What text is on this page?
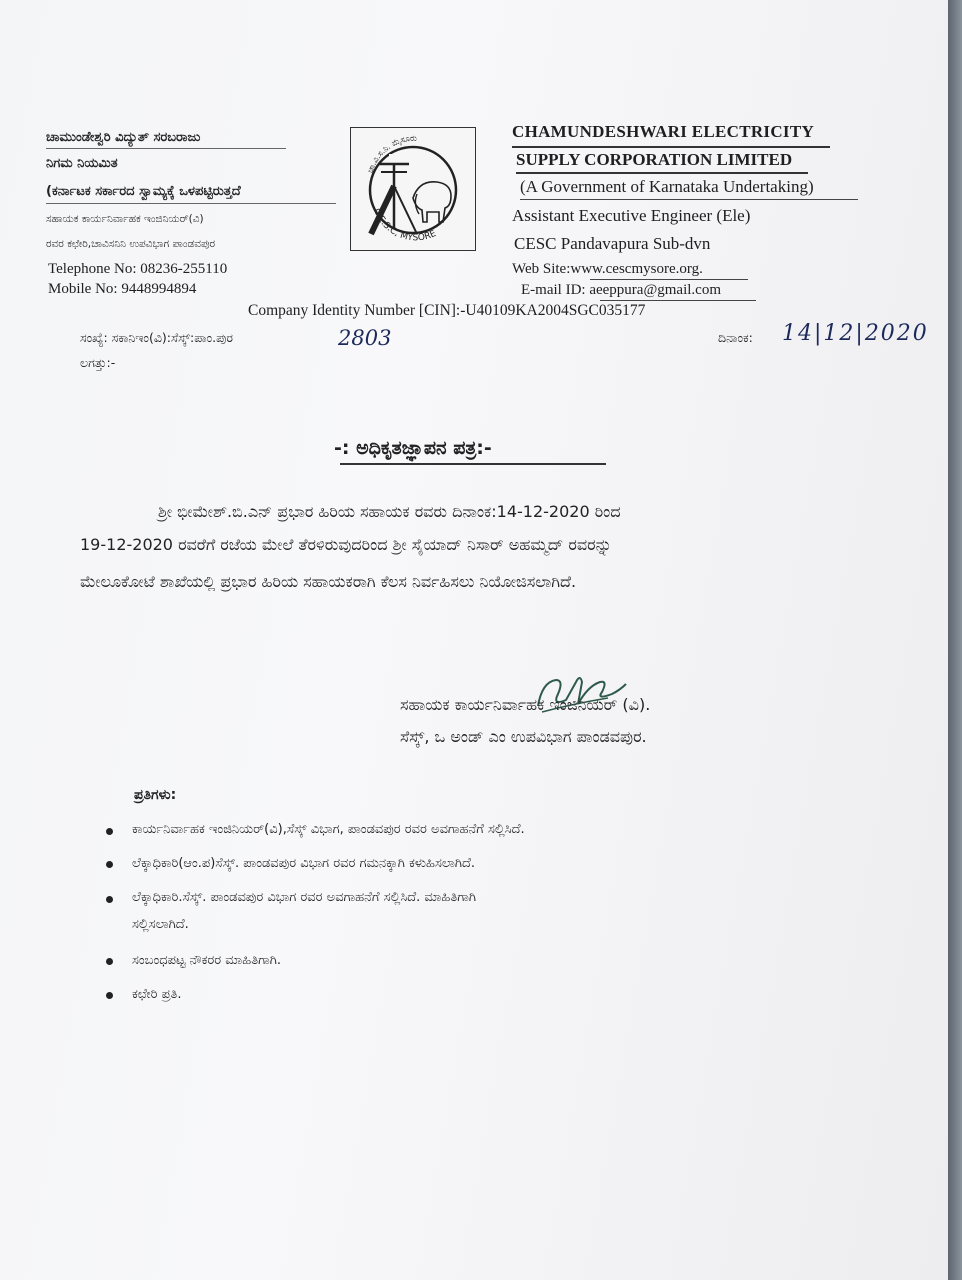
ಚಾಮುಂಡೇಶ್ವರಿ ವಿದ್ಯುತ್ ಸರಬರಾಜು
ನಿಗಮ ನಿಯಮಿತ
(ಕರ್ನಾಟಕ ಸರ್ಕಾರದ ಸ್ವಾಮ್ಯಕ್ಕೆ ಒಳಪಟ್ಟಿರುತ್ತದೆ
ಸಹಾಯಕ ಕಾರ್ಯನಿರ್ವಾಹಕ ಇಂಜಿನಿಯರ್(ವಿ)
ರವರ ಕಛೇರಿ,ಚಾವಿಸನಿನಿ ಉಪವಿಭಾಗ ಪಾಂಡವಪುರ
Telephone No: 08236-255110
Mobile No: 9448994894
ಚಾ.ವಿ.ಸ.ನಿ. ಮೈಸೂರು
C.E.S.C, MYSORE
CHAMUNDESHWARI ELECTRICITY
SUPPLY CORPORATION LIMITED
(A Government of Karnataka Undertaking)
Assistant Executive Engineer (Ele)
CESC Pandavapura Sub-dvn
Web Site:www.cescmysore.org.
E-mail ID: aeeppura@gmail.com
Company Identity Number [CIN]:-U40109KA2004SGC035177
ಸಂಖ್ಯೆ: ಸಕಾನಿಇಂ(ವಿ):ಸೆಸ್ಕ್:ಪಾಂ.ಪುರ	2803
ಲಗತ್ತು:-
ದಿನಾಂಕ: 14|12|2020
-: ಅಧಿಕೃತಜ್ಞಾಪನ ಪತ್ರ:-
ಶ್ರೀ ಭೀಮೇಶ್.ಬಿ.ಎನ್ ಪ್ರಭಾರ ಹಿರಿಯ ಸಹಾಯಕ ರವರು ದಿನಾಂಕ:14-12-2020 ರಿಂದ
19-12-2020 ರವರೆಗೆ ರಜೆಯ ಮೇಲೆ ತೆರಳಿರುವುದರಿಂದ ಶ್ರೀ ಸೈಯಾದ್ ನಿಸಾರ್ ಅಹಮ್ಮದ್ ರವರನ್ನು
ಮೇಲೂಕೋಟೆ ಶಾಖೆಯಲ್ಲಿ ಪ್ರಭಾರ ಹಿರಿಯ ಸಹಾಯಕರಾಗಿ ಕೆಲಸ ನಿರ್ವಹಿಸಲು ನಿಯೋಜಿಸಲಾಗಿದೆ.
ಸಹಾಯಕ ಕಾರ್ಯನಿರ್ವಾಹಕ ಇಂಜಿನಿಯರ್ (ವಿ).
ಸೆಸ್ಕ್, ಒ ಅಂಡ್ ಎಂ ಉಪವಿಭಾಗ ಪಾಂಡವಪುರ.
ಪ್ರತಿಗಳು:
ಕಾರ್ಯನಿರ್ವಾಹಕ ಇಂಜಿನಿಯರ್(ವಿ),ಸೆಸ್ಕ್ ವಿಭಾಗ, ಪಾಂಡವಪುರ ರವರ ಅವಗಾಹನೆಗೆ ಸಲ್ಲಿಸಿದೆ.
ಲೆಕ್ಕಾಧಿಕಾರಿ(ಆಂ.ಪ)ಸೆಸ್ಕ್. ಪಾಂಡವಪುರ ವಿಭಾಗ ರವರ ಗಮನಕ್ಕಾಗಿ ಕಳುಹಿಸಲಾಗಿದೆ.
ಲೆಕ್ಕಾಧಿಕಾರಿ.ಸೆಸ್ಕ್. ಪಾಂಡವಪುರ ವಿಭಾಗ ರವರ ಅವಗಾಹನೆಗೆ ಸಲ್ಲಿಸಿದೆ. ಮಾಹಿತಿಗಾಗಿ
ಸಲ್ಲಿಸಲಾಗಿದೆ.
ಸಂಬಂಧಪಟ್ಟ ನೌಕರರ ಮಾಹಿತಿಗಾಗಿ.
ಕಛೇರಿ ಪ್ರತಿ.
